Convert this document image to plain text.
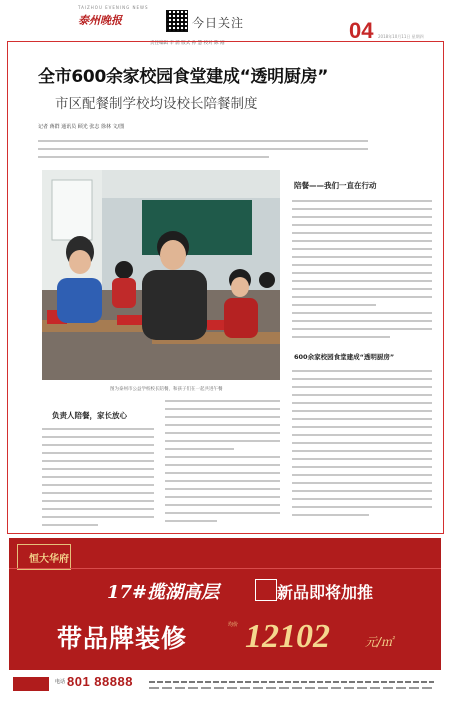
TAIZHOU EVENING NEWS
泰州晚报	今日关注	04 2018年10月11日 星期四
责任编辑 辛 蔚 版式 孙 慧 校对 陈 刚
全市600余家校园食堂建成“透明厨房”
市区配餐制学校均设校长陪餐制度
记者 蒋群 通讯员 顾光 张志 徐林 文/图
图为泰州市公益学校校长陪餐，和孩子们在一起共进午餐
陪餐——我们一直在行动
600余家校园食堂建成“透明厨房”
负责人陪餐，家长放心
恒大华府
17#揽湖高层	新品即将加推
带品牌装修	均价 12102	元/㎡
电话 801 88888
